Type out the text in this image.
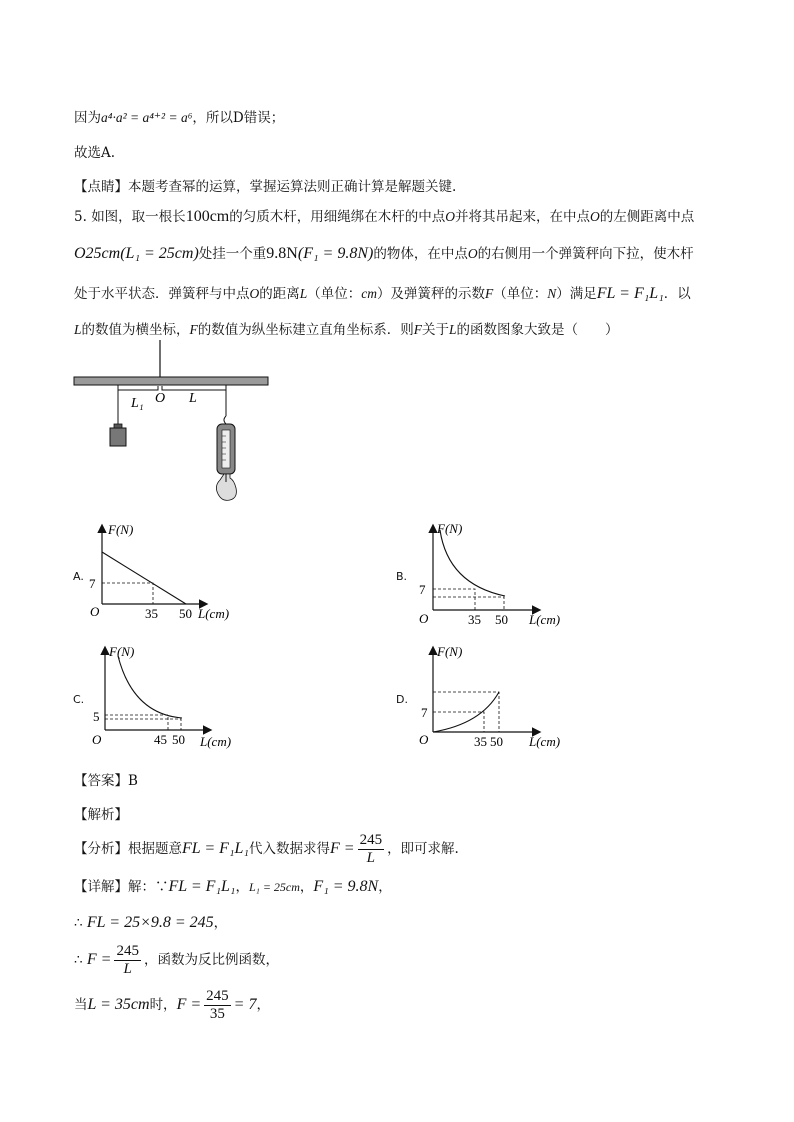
因为a⁴·a² = a⁴⁺² = a⁶，所以D错误；
故选A.
【点睛】本题考查幂的运算，掌握运算法则正确计算是解题关键.
5. 如图，取一根长100cm的匀质木杆，用细绳绑在木杆的中点O并将其吊起来，在中点O的左侧距离中点
O25cm(L₁ = 25cm)处挂一个重9.8N(F₁ = 9.8N)的物体，在中点O的右侧用一个弹簧秤向下拉，使木杆
处于水平状态．弹簧秤与中点O的距离L（单位：cm）及弹簧秤的示数F（单位：N）满足FL = F₁L₁．以
L的数值为横坐标，F的数值为纵坐标建立直角坐标系．则F关于L的函数图象大致是（　　）
L₁ O L
A.	B.
C.	D.
F(N)
L(cm)
O
7
35 50
F(N)
L(cm)
O
7
35 50
F(N)
L(cm)
O
5
45 50
F(N)
L(cm)
O
7
35 50
【答案】B
【解析】
【分析】根据题意FL = F₁L₁代入数据求得$F = \frac{245}{L}$ ，即可求解.
【详解】解：∵FL = F₁L₁，L₁ = 25cm，F₁ = 9.8N，
∴ FL = 25×9.8 = 245，
∴ $F = \frac{245}{L}$ ，函数为反比例函数，
当L = 35cm时，$F = \frac{245}{35} = 7$，
